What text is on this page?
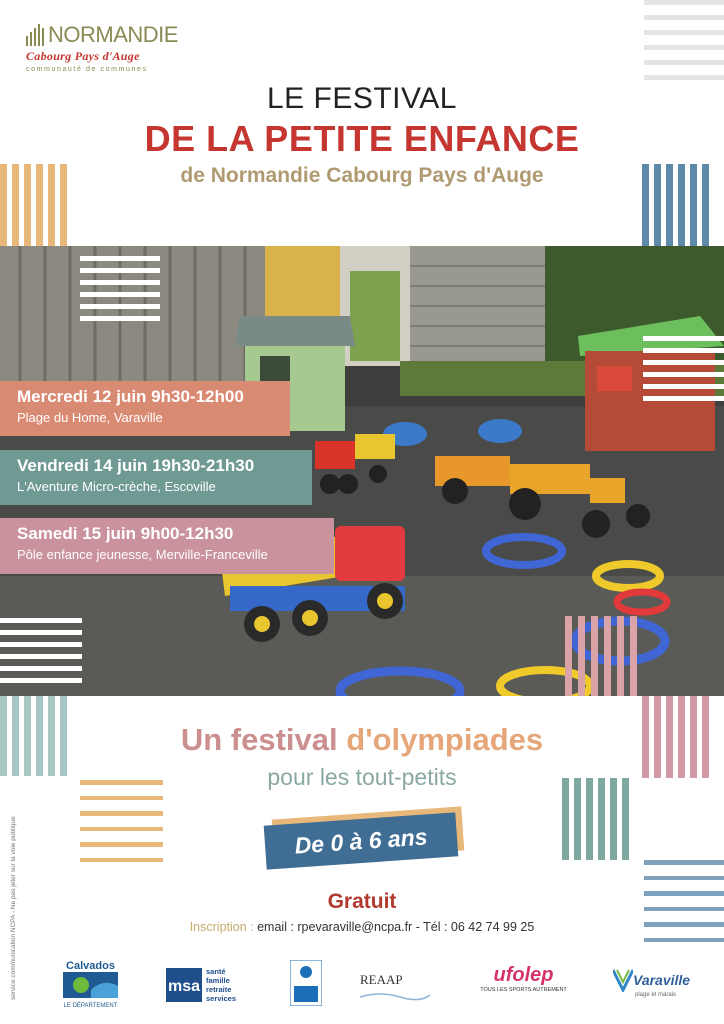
NORMANDIE
Cabourg Pays d'Auge
communauté de communes
LE FESTIVAL
DE LA PETITE ENFANCE
de Normandie Cabourg Pays d'Auge
Mercredi 12 juin 9h30-12h00
Plage du Home, Varaville
Vendredi 14 juin 19h30-21h30
L'Aventure Micro-crèche, Escoville
Samedi 15 juin 9h00-12h30
Pôle enfance jeunesse, Merville-Franceville
Un festival d'olympiades
pour les tout-petits
De 0 à 6 ans
Gratuit
Inscription : email : rpevaraville@ncpa.fr - Tél : 06 42 74 99 25
service communication NCPA - Ne pas jeter sur la voie publique	Calvados
LE DÉPARTEMENT
msa
santé
famille
retraite
services
REAAP	ufolep
TOUS LES SPORTS AUTREMENT
Varaville
plage et marais
